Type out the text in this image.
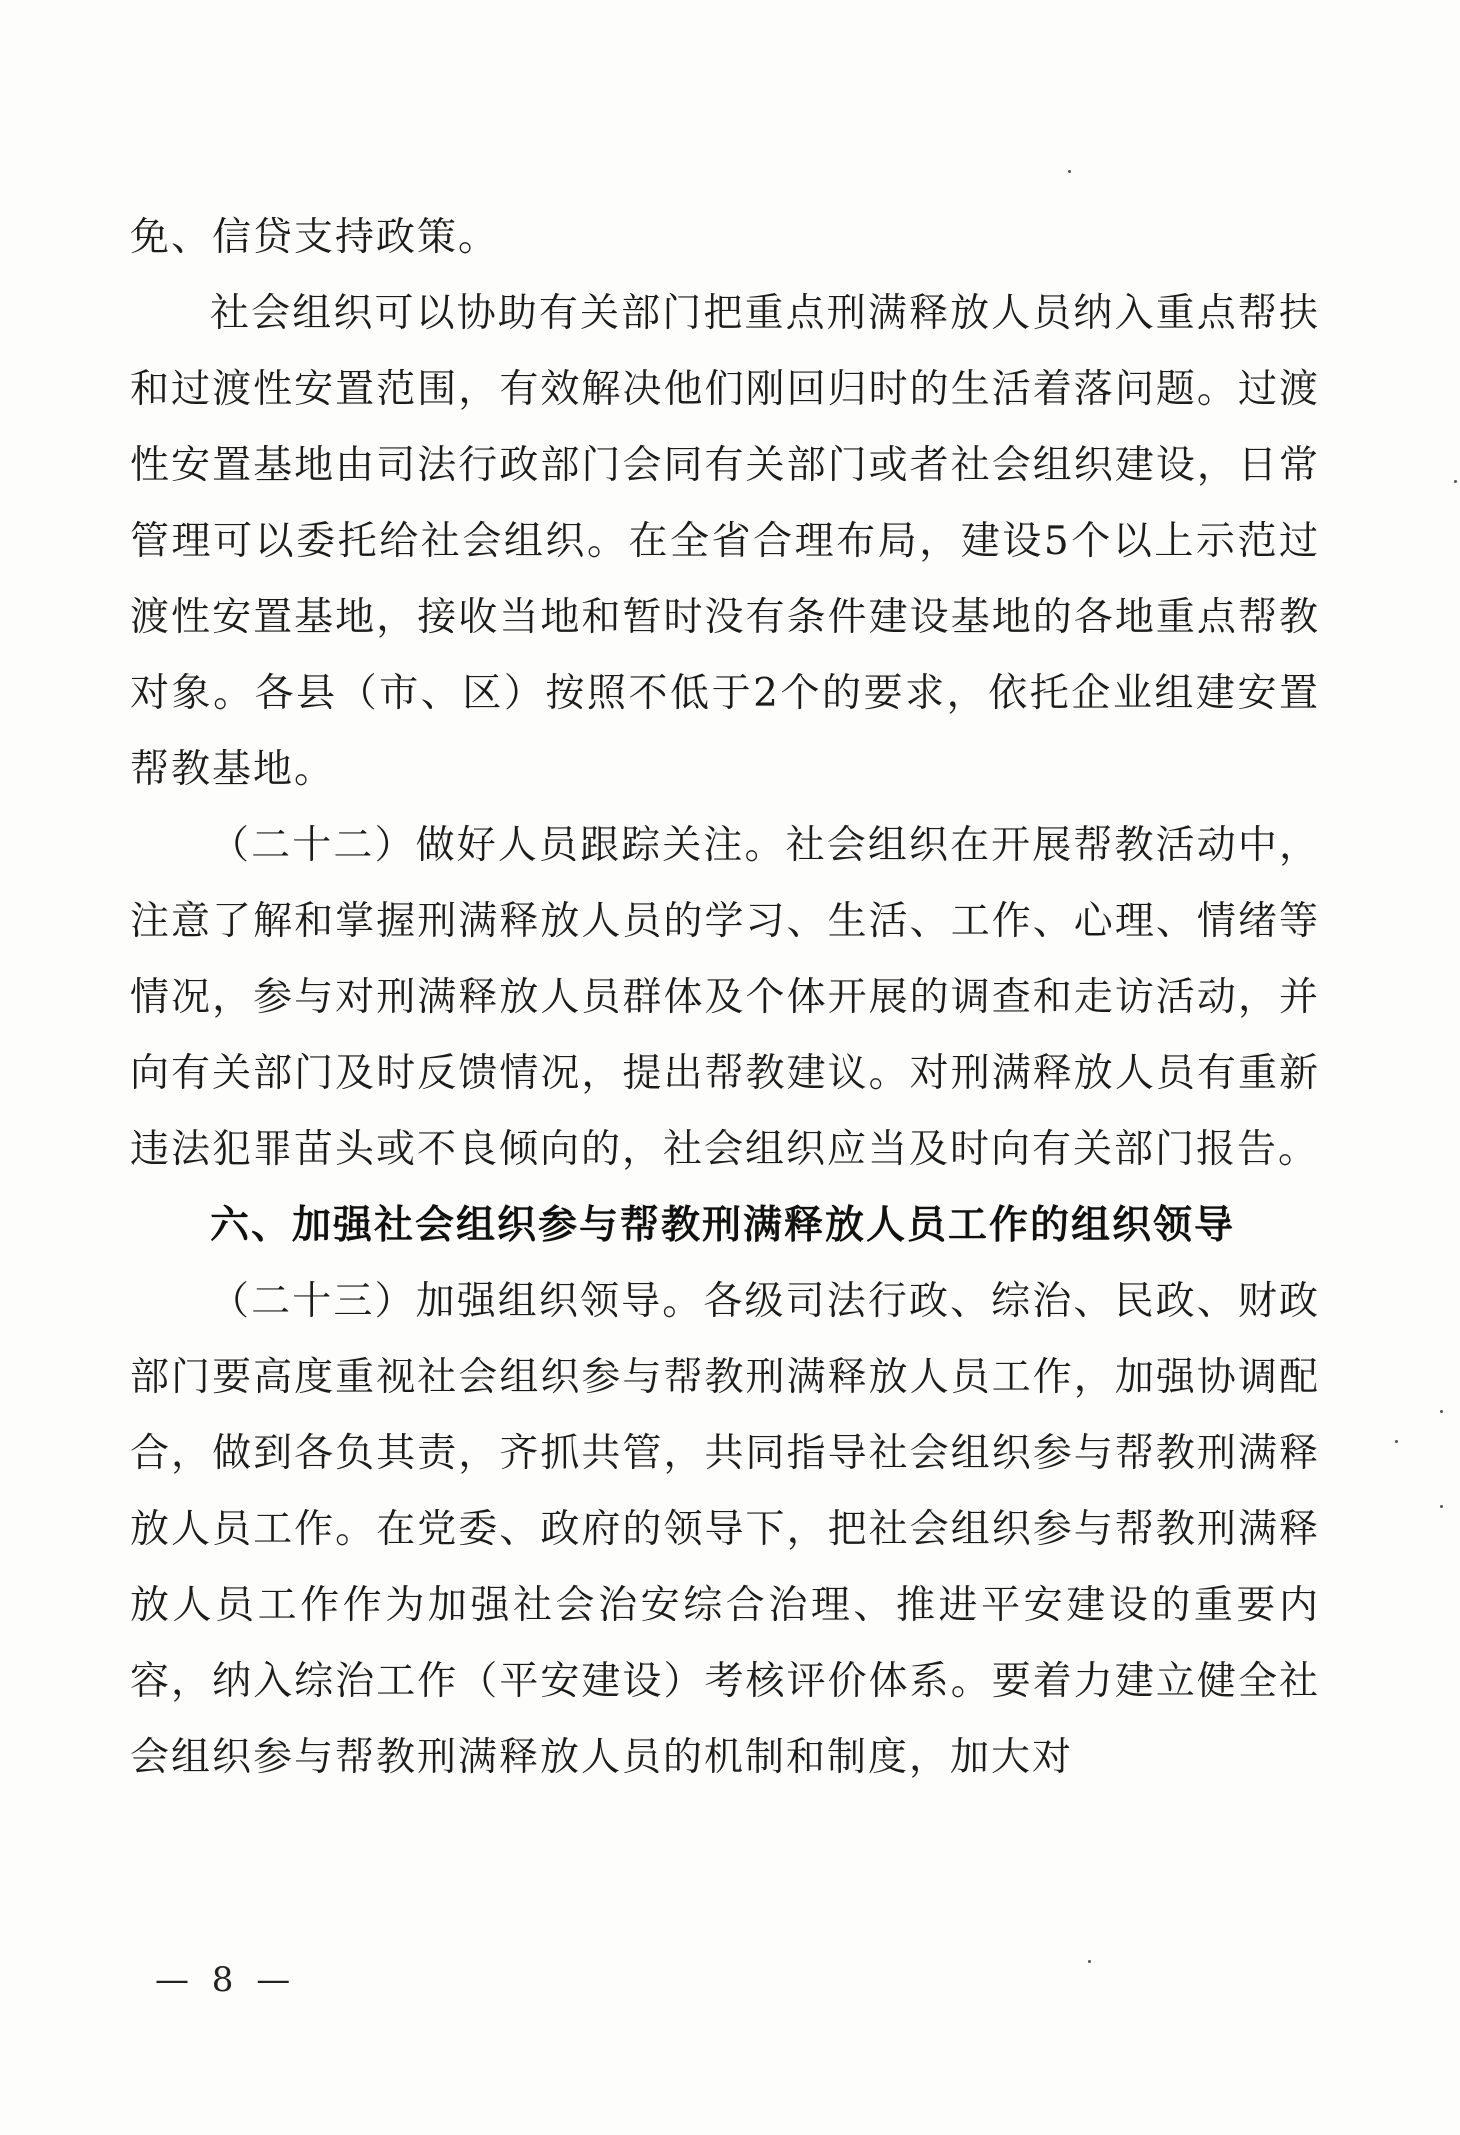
免、信贷支持政策。

社会组织可以协助有关部门把重点刑满释放人员纳入重点帮扶和过渡性安置范围，有效解决他们刚回归时的生活着落问题。过渡性安置基地由司法行政部门会同有关部门或者社会组织建设，日常管理可以委托给社会组织。在全省合理布局，建设5个以上示范过渡性安置基地，接收当地和暂时没有条件建设基地的各地重点帮教对象。各县（市、区）按照不低于2个的要求，依托企业组建安置帮教基地。

（二十二）做好人员跟踪关注。社会组织在开展帮教活动中，注意了解和掌握刑满释放人员的学习、生活、工作、心理、情绪等情况，参与对刑满释放人员群体及个体开展的调查和走访活动，并向有关部门及时反馈情况，提出帮教建议。对刑满释放人员有重新违法犯罪苗头或不良倾向的，社会组织应当及时向有关部门报告。

六、加强社会组织参与帮教刑满释放人员工作的组织领导

（二十三）加强组织领导。各级司法行政、综治、民政、财政部门要高度重视社会组织参与帮教刑满释放人员工作，加强协调配合，做到各负其责，齐抓共管，共同指导社会组织参与帮教刑满释放人员工作。在党委、政府的领导下，把社会组织参与帮教刑满释放人员工作作为加强社会治安综合治理、推进平安建设的重要内容，纳入综治工作（平安建设）考核评价体系。要着力建立健全社会组织参与帮教刑满释放人员的机制和制度，加大对

— 8 —
